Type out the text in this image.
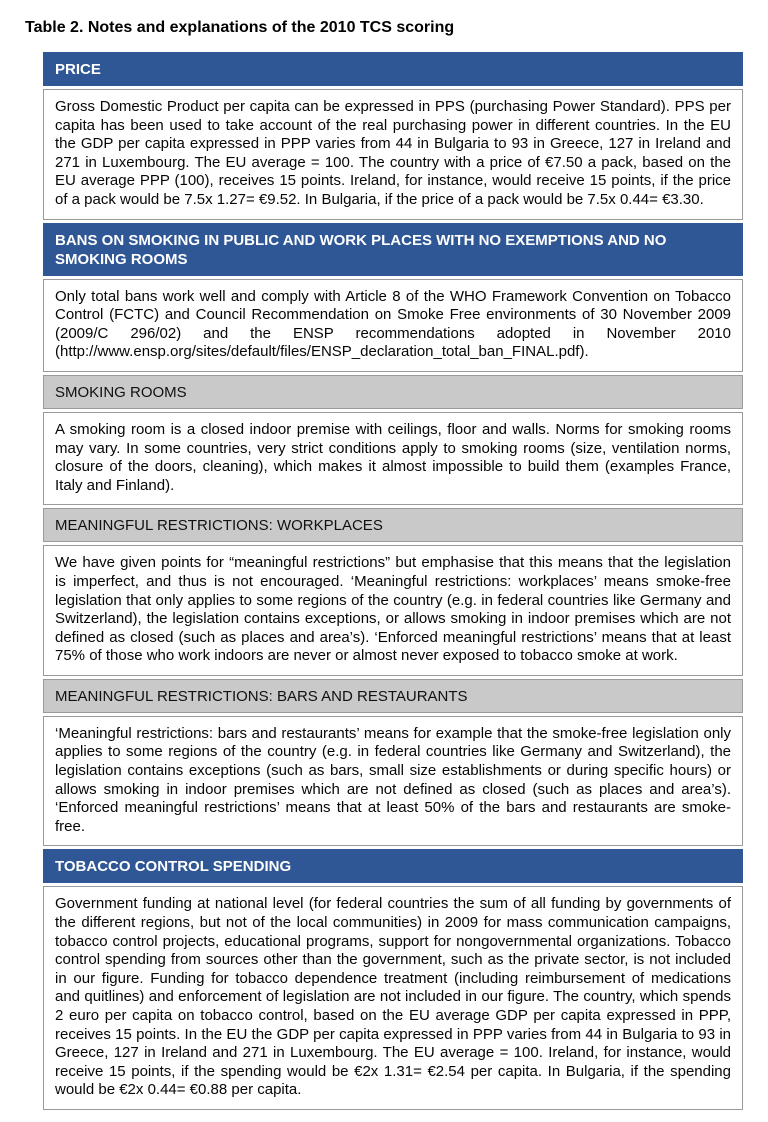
Table 2. Notes and explanations of the 2010 TCS scoring
PRICE
Gross Domestic Product per capita can be expressed in PPS (purchasing Power Standard). PPS per capita has been used to take account of the real purchasing power in different countries. In the EU the GDP per capita expressed in PPP varies from 44 in Bulgaria to 93 in Greece, 127 in Ireland and 271 in Luxembourg. The EU average = 100. The country with a price of €7.50 a pack, based on the EU average PPP (100), receives 15 points. Ireland, for instance, would receive 15 points, if the price of a pack would be 7.5x 1.27= €9.52. In Bulgaria, if the price of a pack would be 7.5x 0.44= €3.30.
BANS ON SMOKING IN PUBLIC AND WORK PLACES WITH NO EXEMPTIONS AND NO SMOKING ROOMS
Only total bans work well and comply with Article 8 of the WHO Framework Convention on Tobacco Control (FCTC) and Council Recommendation on Smoke Free environments of 30 November 2009 (2009/C 296/02) and the ENSP recommendations adopted in November 2010 (http://www.ensp.org/sites/default/files/ENSP_declaration_total_ban_FINAL.pdf).
SMOKING ROOMS
A smoking room is a closed indoor premise with ceilings, floor and walls. Norms for smoking rooms may vary. In some countries, very strict conditions apply to smoking rooms (size, ventilation norms, closure of the doors, cleaning), which makes it almost impossible to build them (examples France, Italy and Finland).
MEANINGFUL RESTRICTIONS: WORKPLACES
We have given points for “meaningful restrictions” but emphasise that this means that the legislation is imperfect, and thus is not encouraged. ‘Meaningful restrictions: workplaces’ means smoke-free legislation that only applies to some regions of the country (e.g. in federal countries like Germany and Switzerland), the legislation contains exceptions, or allows smoking in indoor premises which are not defined as closed (such as places and area’s). ‘Enforced meaningful restrictions’ means that at least 75% of those who work indoors are never or almost never exposed to tobacco smoke at work.
MEANINGFUL RESTRICTIONS: BARS AND RESTAURANTS
‘Meaningful restrictions: bars and restaurants’ means for example that the smoke-free legislation only applies to some regions of the country (e.g. in federal countries like Germany and Switzerland), the legislation contains exceptions (such as bars, small size establishments or during specific hours) or allows smoking in indoor premises which are not defined as closed (such as places and area’s). ‘Enforced meaningful restrictions’ means that at least 50% of the bars and restaurants are smoke-free.
TOBACCO CONTROL SPENDING
Government funding at national level (for federal countries the sum of all funding by governments of the different regions, but not of the local communities) in 2009 for mass communication campaigns, tobacco control projects, educational programs, support for nongovernmental organizations. Tobacco control spending from sources other than the government, such as the private sector, is not included in our figure. Funding for tobacco dependence treatment (including reimbursement of medications and quitlines) and enforcement of legislation are not included in our figure. The country, which spends 2 euro per capita on tobacco control, based on the EU average GDP per capita expressed in PPP, receives 15 points. In the EU the GDP per capita expressed in PPP varies from 44 in Bulgaria to 93 in Greece, 127 in Ireland and 271 in Luxembourg. The EU average = 100. Ireland, for instance, would receive 15 points, if the spending would be €2x 1.31= €2.54 per capita. In Bulgaria, if the spending would be €2x 0.44= €0.88 per capita.
